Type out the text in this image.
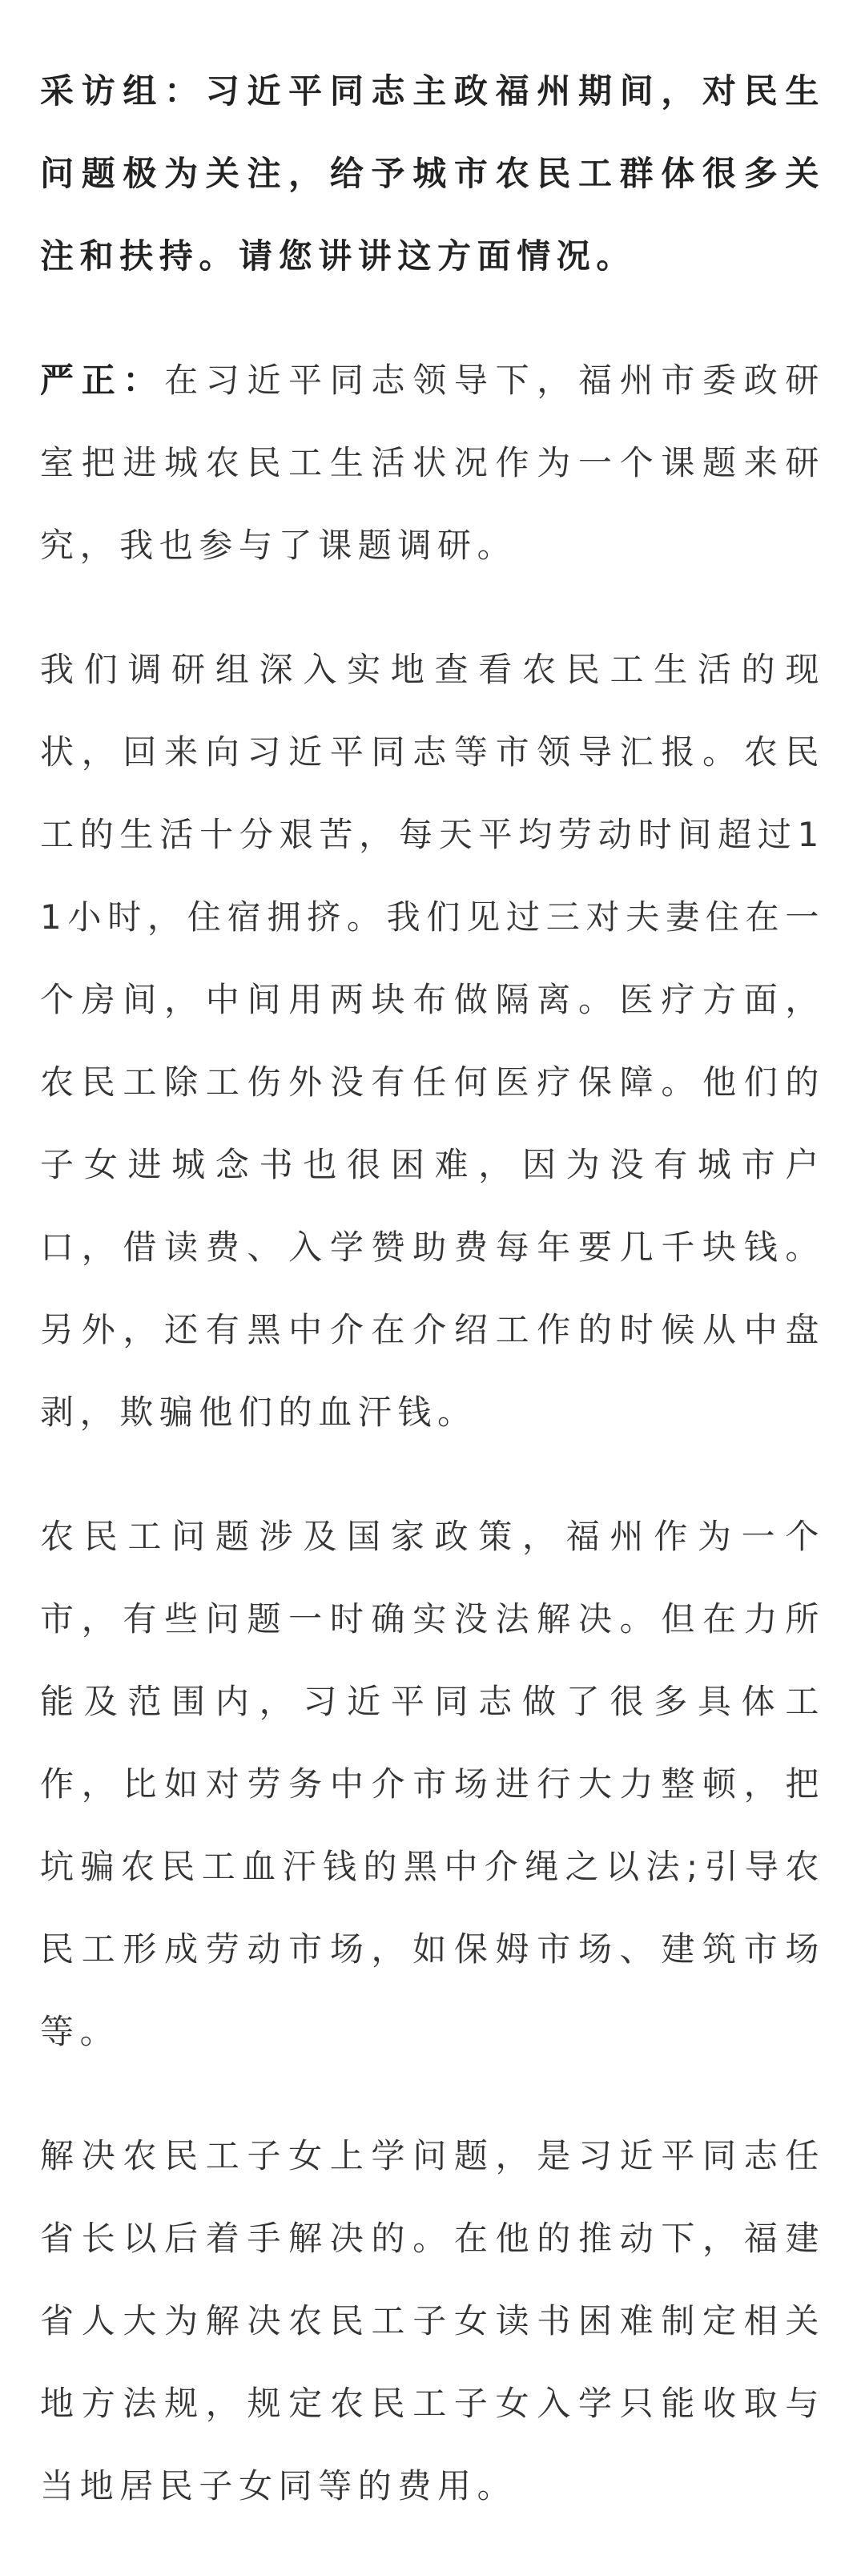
采访组：习近平同志主政福州期间，对民生问题极为关注，给予城市农民工群体很多关注和扶持。请您讲讲这方面情况。

严正：在习近平同志领导下，福州市委政研室把进城农民工生活状况作为一个课题来研究，我也参与了课题调研。

我们调研组深入实地查看农民工生活的现状，回来向习近平同志等市领导汇报。农民工的生活十分艰苦，每天平均劳动时间超过11小时，住宿拥挤。我们见过三对夫妻住在一个房间，中间用两块布做隔离。医疗方面，农民工除工伤外没有任何医疗保障。他们的子女进城念书也很困难，因为没有城市户口，借读费、入学赞助费每年要几千块钱。另外，还有黑中介在介绍工作的时候从中盘剥，欺骗他们的血汗钱。

农民工问题涉及国家政策，福州作为一个市，有些问题一时确实没法解决。但在力所能及范围内，习近平同志做了很多具体工作，比如对劳务中介市场进行大力整顿，把坑骗农民工血汗钱的黑中介绳之以法;引导农民工形成劳动市场，如保姆市场、建筑市场等。

解决农民工子女上学问题，是习近平同志任省长以后着手解决的。在他的推动下，福建省人大为解决农民工子女读书困难制定相关地方法规，规定农民工子女入学只能收取与当地居民子女同等的费用。
